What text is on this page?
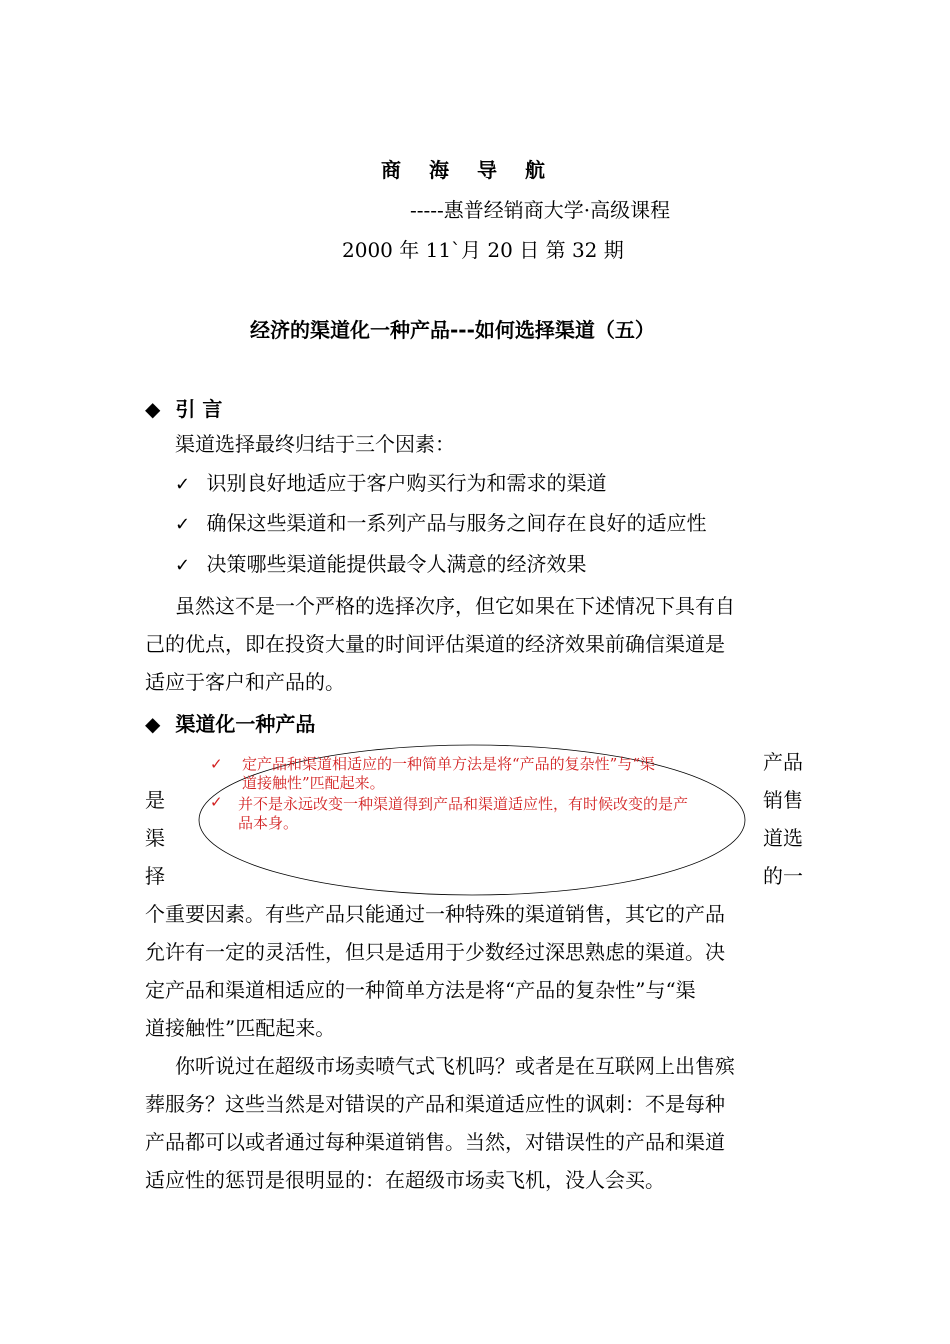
商海导航
-----惠普经销商大学·高级课程
2000 年 11`月 20 日 第 32 期
经济的渠道化一种产品---如何选择渠道（五）
◆ 引 言
渠道选择最终归结于三个因素：
✓ 识别良好地适应于客户购买行为和需求的渠道
✓ 确保这些渠道和一系列产品与服务之间存在良好的适应性
✓ 决策哪些渠道能提供最令人满意的经济效果
虽然这不是一个严格的选择次序，但它如果在下述情况下具有自
己的优点，即在投资大量的时间评估渠道的经济效果前确信渠道是
适应于客户和产品的。
◆ 渠道化一种产品
是
渠
择
产品
销售
道选
的一
✓ 定产品和渠道相适应的一种简单方法是将“产品的复杂性”与“渠
道接触性”匹配起来。
✓ 并不是永远改变一种渠道得到产品和渠道适应性，有时候改变的是产
品本身。
个重要因素。有些产品只能通过一种特殊的渠道销售，其它的产品
允许有一定的灵活性，但只是适用于少数经过深思熟虑的渠道。决
定产品和渠道相适应的一种简单方法是将“产品的复杂性”与“渠
道接触性”匹配起来。
你听说过在超级市场卖喷气式飞机吗？或者是在互联网上出售殡
葬服务？这些当然是对错误的产品和渠道适应性的讽刺：不是每种
产品都可以或者通过每种渠道销售。当然，对错误性的产品和渠道
适应性的惩罚是很明显的：在超级市场卖飞机，没人会买。
